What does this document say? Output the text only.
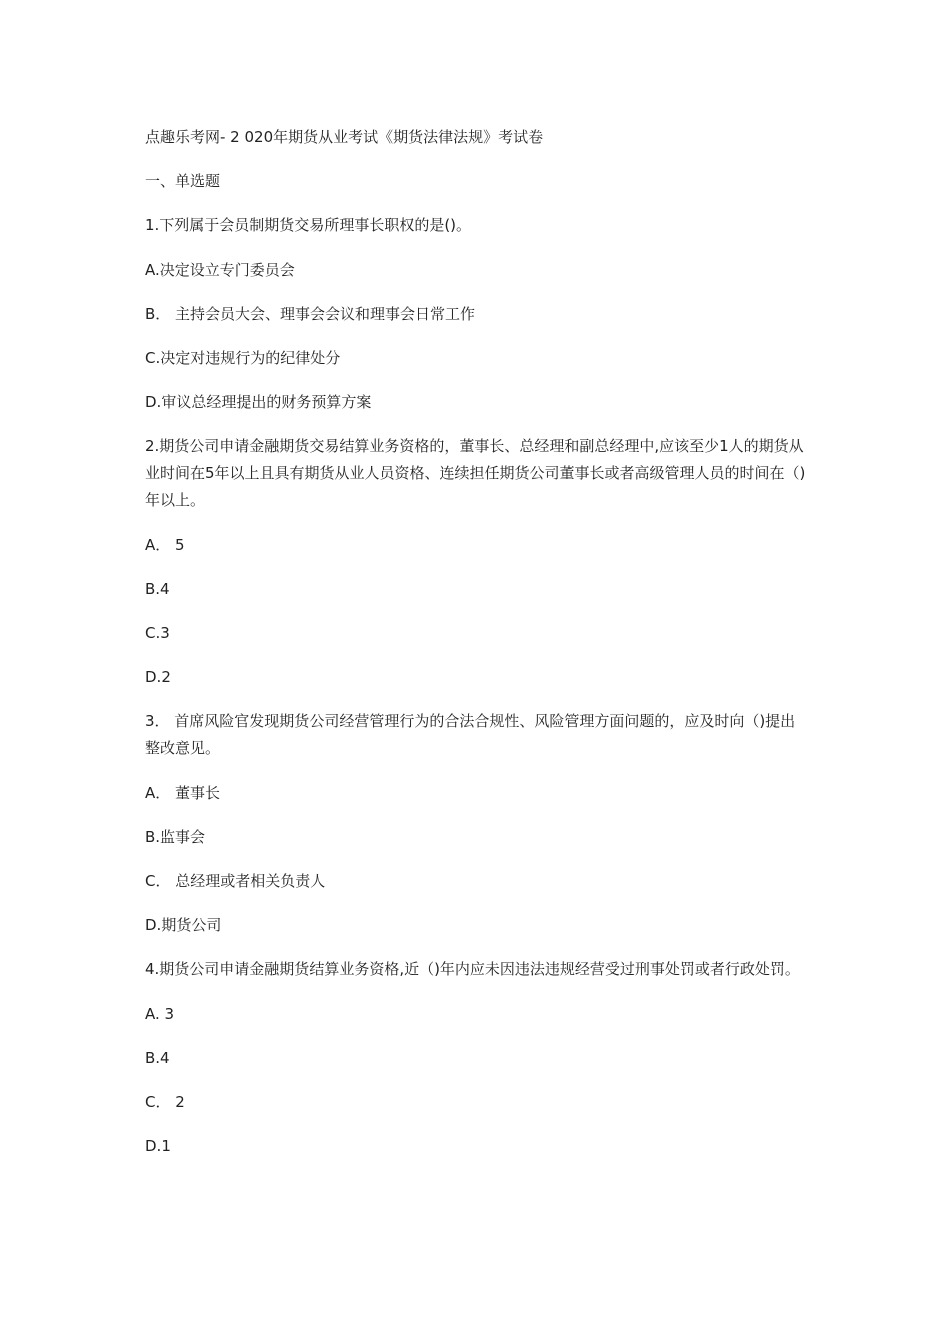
点趣乐考网- 2 020年期货从业考试《期货法律法规》考试卷

一、单选题

1.下列属于会员制期货交易所理事长职权的是()。

A.决定设立专门委员会

B． 主持会员大会、理事会会议和理事会日常工作

C.决定对违规行为的纪律处分

D.审议总经理提出的财务预算方案

2.期货公司申请金融期货交易结算业务资格的，董事长、总经理和副总经理中,应该至少1人的期货从业时间在5年以上且具有期货从业人员资格、连续担任期货公司董事长或者高级管理人员的时间在（)年以上。

A． 5

B.4

C.3

D.2

3． 首席风险官发现期货公司经营管理行为的合法合规性、风险管理方面问题的，应及时向（)提出整改意见。

A． 董事长

B.监事会

C． 总经理或者相关负责人

D.期货公司

4.期货公司申请金融期货结算业务资格,近（)年内应未因违法违规经营受过刑事处罚或者行政处罚。

A. 3

B.4

C． 2

D.1
